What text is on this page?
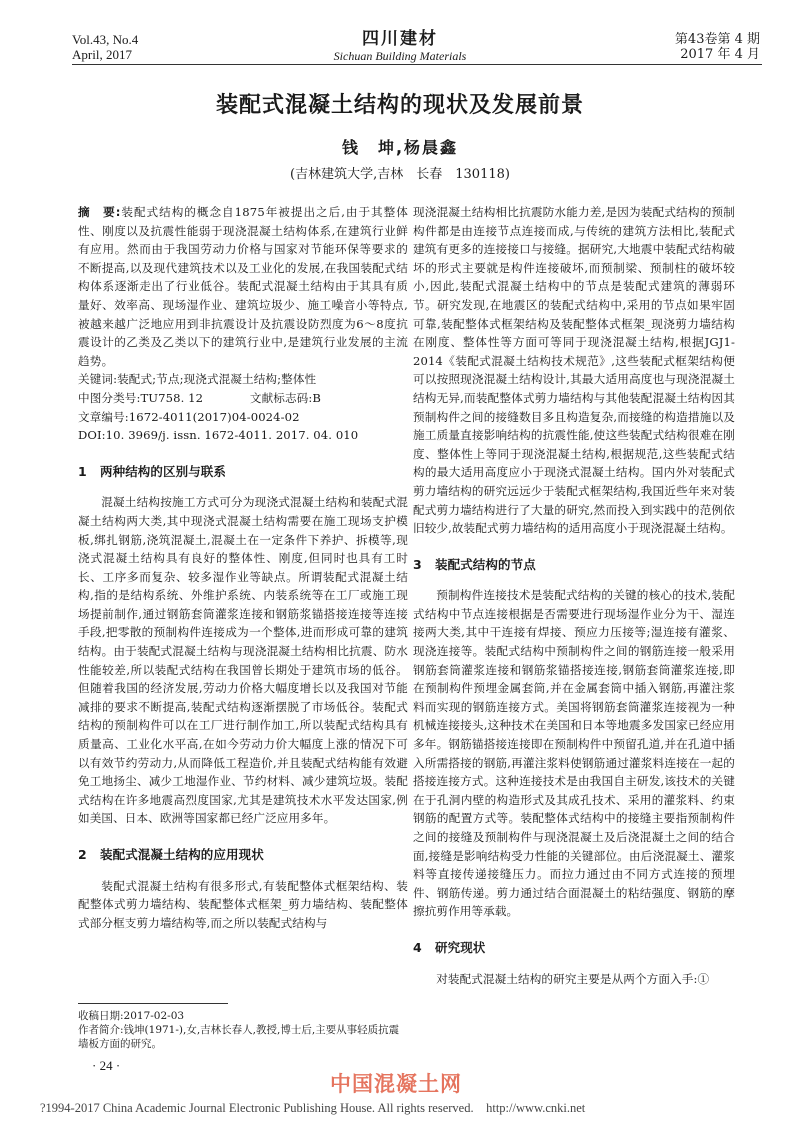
Vol.43, No.4
April, 2017
四川建材
Sichuan Building Materials
第43卷第 4 期
2017 年 4 月
装配式混凝土结构的现状及发展前景
钱　坤,杨晨鑫
(吉林建筑大学,吉林　长春　130118)

摘　要:装配式结构的概念自1875年被提出之后,由于其整体性、刚度以及抗震性能弱于现浇混凝土结构体系,在建筑行业鲜有应用。然而由于我国劳动力价格与国家对节能环保等要求的不断提高,以及现代建筑技术以及工业化的发展,在我国装配式结构体系逐渐走出了行业低谷。装配式混凝土结构由于其具有质量好、效率高、现场湿作业、建筑垃圾少、施工噪音小等特点,被越来越广泛地应用到非抗震设计及抗震设防烈度为6～8度抗震设计的乙类及乙类以下的建筑行业中,是建筑行业发展的主流趋势。

关键词:装配式;节点;现浇式混凝土结构;整体性

中图分类号:TU758. 12　　　　文献标志码:B

文章编号:1672-4011(2017)04-0024-02

DOI:10. 3969/j. issn. 1672-4011. 2017. 04. 010

1 两种结构的区别与联系

混凝土结构按施工方式可分为现浇式混凝土结构和装配式混凝土结构两大类,其中现浇式混凝土结构需要在施工现场支护模板,绑扎钢筋,浇筑混凝土,混凝土在一定条件下养护、拆模等,现浇式混凝土结构具有良好的整体性、刚度,但同时也具有工时长、工序多而复杂、较多湿作业等缺点。所谓装配式混凝土结构,指的是结构系统、外维护系统、内装系统等在工厂或施工现场提前制作,通过钢筋套筒灌浆连接和钢筋浆锚搭接连接等连接手段,把零散的预制构件连接成为一个整体,进而形成可靠的建筑结构。由于装配式混凝土结构与现浇混凝土结构相比抗震、防水性能较差,所以装配式结构在我国曾长期处于建筑市场的低谷。但随着我国的经济发展,劳动力价格大幅度增长以及我国对节能减排的要求不断提高,装配式结构逐渐摆脱了市场低谷。装配式结构的预制构件可以在工厂进行制作加工,所以装配式结构具有质量高、工业化水平高,在如今劳动力价大幅度上涨的情况下可以有效节约劳动力,从而降低工程造价,并且装配式结构能有效避免工地扬尘、减少工地湿作业、节约材料、减少建筑垃圾。装配式结构在许多地震高烈度国家,尤其是建筑技术水平发达国家,例如美国、日本、欧洲等国家都已经广泛应用多年。

2 装配式混凝土结构的应用现状

装配式混凝土结构有很多形式,有装配整体式框架结构、装配整体式剪力墙结构、装配整体式框架_剪力墙结构、装配整体式部分框支剪力墙结构等,而之所以装配式结构与

现浇混凝土结构相比抗震防水能力差,是因为装配式结构的预制构件都是由连接节点连接而成,与传统的建筑方法相比,装配式建筑有更多的连接接口与接缝。据研究,大地震中装配式结构破坏的形式主要就是构件连接破坏,而预制梁、预制柱的破坏较小,因此,装配式混凝土结构中的节点是装配式建筑的薄弱环节。研究发现,在地震区的装配式结构中,采用的节点如果牢固可靠,装配整体式框架结构及装配整体式框架_现浇剪力墙结构在刚度、整体性等方面可等同于现浇混凝土结构,根据JGJ1-2014《装配式混凝土结构技术规范》,这些装配式框架结构便可以按照现浇混凝土结构设计,其最大适用高度也与现浇混凝土结构无异,而装配整体式剪力墙结构与其他装配混凝土结构因其预制构件之间的接缝数目多且构造复杂,而接缝的构造措施以及施工质量直接影响结构的抗震性能,使这些装配式结构很难在刚度、整体性上等同于现浇混凝土结构,根据规范,这些装配式结构的最大适用高度应小于现浇式混凝土结构。国内外对装配式剪力墙结构的研究远远少于装配式框架结构,我国近些年来对装配式剪力墙结构进行了大量的研究,然而投入到实践中的范例依旧较少,故装配式剪力墙结构的适用高度小于现浇混凝土结构。

3 装配式结构的节点

预制构件连接技术是装配式结构的关键的核心的技术,装配式结构中节点连接根据是否需要进行现场湿作业分为干、湿连接两大类,其中干连接有焊接、预应力压接等;湿连接有灌浆、现浇连接等。装配式结构中预制构件之间的钢筋连接一般采用钢筋套筒灌浆连接和钢筋浆锚搭接连接,钢筋套筒灌浆连接,即在预制构件预埋金属套筒,并在金属套筒中插入钢筋,再灌注浆料而实现的钢筋连接方式。美国将钢筋套筒灌浆连接视为一种机械连接接头,这种技术在美国和日本等地震多发国家已经应用多年。钢筋锚搭接连接即在预制构件中预留孔道,并在孔道中插入所需搭接的钢筋,再灌注浆料使钢筋通过灌浆料连接在一起的搭接连接方式。这种连接技术是由我国自主研发,该技术的关键在于孔洞内壁的构造形式及其成孔技术、采用的灌浆料、约束钢筋的配置方式等。装配整体式结构中的接缝主要指预制构件之间的接缝及预制构件与现浇混凝土及后浇混凝土之间的结合面,接缝是影响结构受力性能的关键部位。由后浇混凝土、灌浆料等直接传递接缝压力。而拉力通过由不同方式连接的预埋件、钢筋传递。剪力通过结合面混凝土的粘结强度、钢筋的摩擦抗剪作用等承载。

4 研究现状

对装配式混凝土结构的研究主要是从两个方面入手:①

收稿日期:2017-02-03
作者简介:钱坤(1971-),女,吉林长春人,教授,博士后,主要从事轻质抗震墙板方面的研究。
· 24 ·
中国混凝土网
?1994-2017 China Academic Journal Electronic Publishing House. All rights reserved.　http://www.cnki.net
